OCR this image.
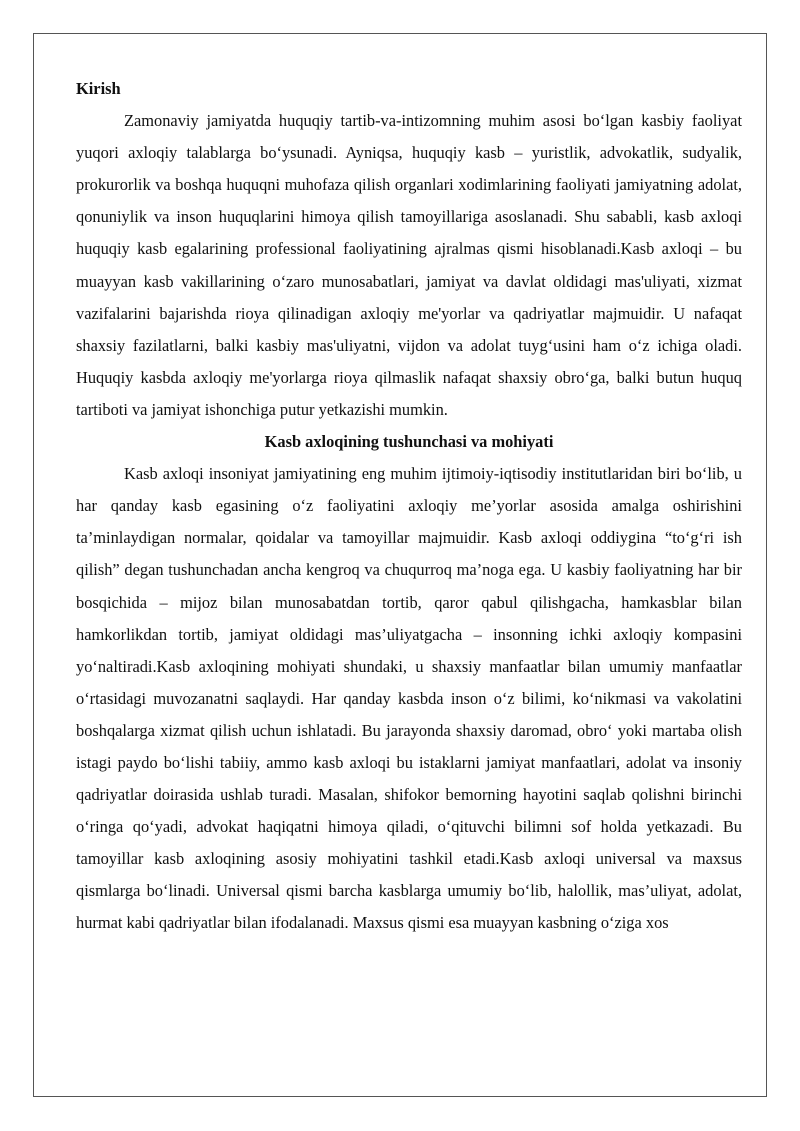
Kirish

Zamonaviy jamiyatda huquqiy tartib-va-intizomning muhim asosi bo‘lgan kasbiy faoliyat yuqori axloqiy talablarga bo‘ysunadi. Ayniqsa, huquqiy kasb – yuristlik, advokatlik, sudyalik, prokurorlik va boshqa huquqni muhofaza qilish organlari xodimlarining faoliyati jamiyatning adolat, qonuniylik va inson huquqlarini himoya qilish tamoyillariga asoslanadi. Shu sababli, kasb axloqi huquqiy kasb egalarining professional faoliyatining ajralmas qismi hisoblanadi.Kasb axloqi – bu muayyan kasb vakillarining o‘zaro munosabatlari, jamiyat va davlat oldidagi mas'uliyati, xizmat vazifalarini bajarishda rioya qilinadigan axloqiy me'yorlar va qadriyatlar majmuidir. U nafaqat shaxsiy fazilatlarni, balki kasbiy mas'uliyatni, vijdon va adolat tuyg‘usini ham o‘z ichiga oladi. Huquqiy kasbda axloqiy me'yorlarga rioya qilmaslik nafaqat shaxsiy obro‘ga, balki butun huquq tartiboti va jamiyat ishonchiga putur yetkazishi mumkin.

Kasb axloqining tushunchasi va mohiyati

Kasb axloqi insoniyat jamiyatining eng muhim ijtimoiy-iqtisodiy institutlaridan biri bo‘lib, u har qanday kasb egasining o‘z faoliyatini axloqiy me’yorlar asosida amalga oshirishini ta’minlaydigan normalar, qoidalar va tamoyillar majmuidir. Kasb axloqi oddiygina “to‘g‘ri ish qilish” degan tushunchadan ancha kengroq va chuqurroq ma’noga ega. U kasbiy faoliyatning har bir bosqichida – mijoz bilan munosabatdan tortib, qaror qabul qilishgacha, hamkasblar bilan hamkorlikdan tortib, jamiyat oldidagi mas’uliyatgacha – insonning ichki axloqiy kompasini yo‘naltiradi.Kasb axloqining mohiyati shundaki, u shaxsiy manfaatlar bilan umumiy manfaatlar o‘rtasidagi muvozanatni saqlaydi. Har qanday kasbda inson o‘z bilimi, ko‘nikmasi va vakolatini boshqalarga xizmat qilish uchun ishlatadi. Bu jarayonda shaxsiy daromad, obro‘ yoki martaba olish istagi paydo bo‘lishi tabiiy, ammo kasb axloqi bu istaklarni jamiyat manfaatlari, adolat va insoniy qadriyatlar doirasida ushlab turadi. Masalan, shifokor bemorning hayotini saqlab qolishni birinchi o‘ringa qo‘yadi, advokat haqiqatni himoya qiladi, o‘qituvchi bilimni sof holda yetkazadi. Bu tamoyillar kasb axloqining asosiy mohiyatini tashkil etadi.Kasb axloqi universal va maxsus qismlarga bo‘linadi. Universal qismi barcha kasblarga umumiy bo‘lib, halollik, mas’uliyat, adolat, hurmat kabi qadriyatlar bilan ifodalanadi. Maxsus qismi esa muayyan kasbning o‘ziga xos
